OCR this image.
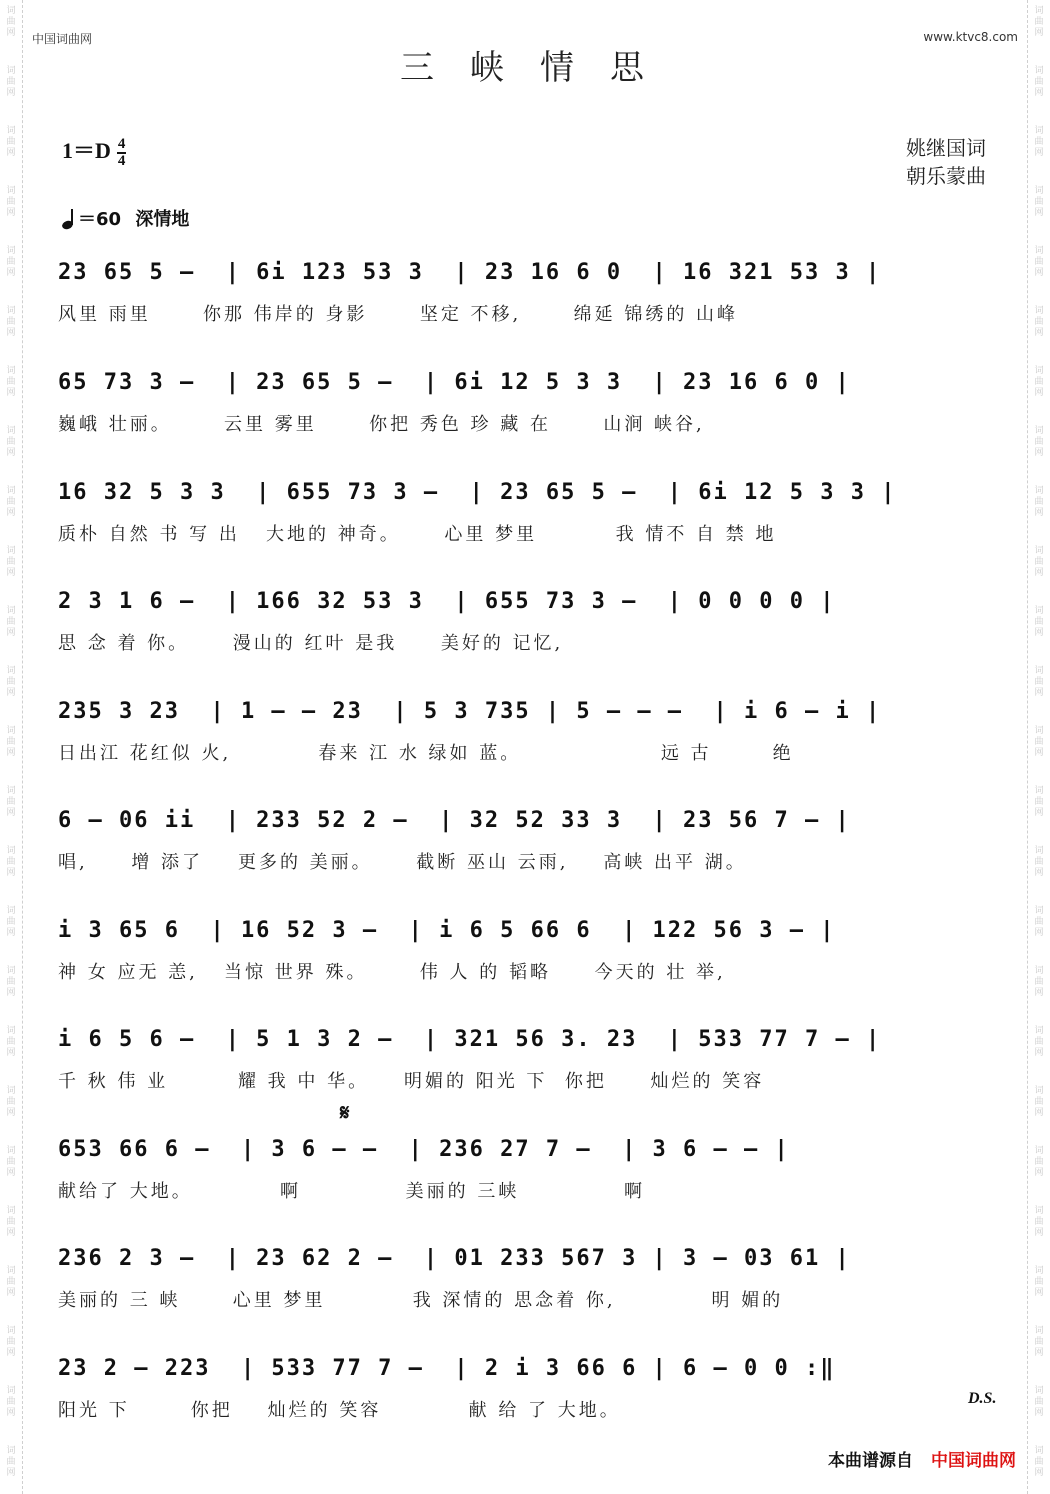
词
曲
网
词
曲
网
词
曲
网
词
曲
网
词
曲
网
词
曲
网
词
曲
网
词
曲
网
词
曲
网
词
曲
网
词
曲
网
词
曲
网
词
曲
网
词
曲
网
词
曲
网
词
曲
网
词
曲
网
词
曲
网
词
曲
网
词
曲
网
词
曲
网
词
曲
网
词
曲
网
词
曲
网
词
曲
网
词
曲
网
词
曲
网
词
曲
网
词
曲
网
词
曲
网
词
曲
网
词
曲
网
词
曲
网
词
曲
网
词
曲
网
词
曲
网
词
曲
网
词
曲
网
词
曲
网
词
曲
网
词
曲
网
词
曲
网
词
曲
网
词
曲
网
词
曲
网
词
曲
网
词
曲
网
词
曲
网
词
曲
网
词
曲
网
中国词曲网	www.ktvc8.com
三峡情思
姚继国词
朝乐蒙曲
$1=D \frac{4}{4}$
＝60 深情地
23 65 5 –  | 6i 123 53 3  | 23 16 6 0  | 16 321 53 3 |
风里 雨里      你那 伟岸的 身影      坚定 不移,      绵延 锦绣的 山峰
65 73 3 –  | 23 65 5 –  | 6i 12 5 3 3  | 23 16 6 0 |
巍峨 壮丽。      云里 雾里      你把 秀色 珍 藏 在      山涧 峡谷,
16 32 5 3 3  | 655 73 3 –  | 23 65 5 –  | 6i 12 5 3 3 |
质朴 自然 书 写 出   大地的 神奇。     心里 梦里         我 情不 自 禁 地
2 3 1 6 –  | 166 32 53 3  | 655 73 3 –  | 0 0 0 0 |
思 念 着 你。     漫山的 红叶 是我     美好的 记忆,
235 3 23  | 1 – – 23  | 5 3 735 | 5 – – –  | i 6 – i |
日出江 花红似 火,          春来 江 水 绿如 蓝。                远 古       绝
6 – 06 ii  | 233 52 2 –  | 32 52 33 3  | 23 56 7 – |
唱,     增 添了    更多的 美丽。     截断 巫山 云雨,    高峡 出平 湖。
i 3 65 6  | 16 52 3 –  | i 6 5 66 6  | 122 56 3 – |
神 女 应无 恙,   当惊 世界 殊。      伟 人 的 韬略     今天的 壮 举,
i 6 5 6 –  | 5 1 3 2 –  | 321 56 3. 23  | 533 77 7 – |
千 秋 伟 业        耀 我 中 华。    明媚的 阳光 下  你把     灿烂的 笑容
𝄋
653 66 6 –  | 3 6 – –  | 236 27 7 –  | 3 6 – – |
献给了 大地。          啊            美丽的 三峡            啊
236 2 3 –  | 23 62 2 –  | 01 233 567 3 | 3 – 03 61 |
美丽的 三 峡      心里 梦里          我 深情的 思念着 你,           明 媚的
23 2 – 223  | 533 77 7 –  | 2 i 3 66 6 | 6 – 0 0 :‖
阳光 下       你把    灿烂的 笑容          献 给 了 大地。
D.S.
本曲谱源自 中国词曲网
